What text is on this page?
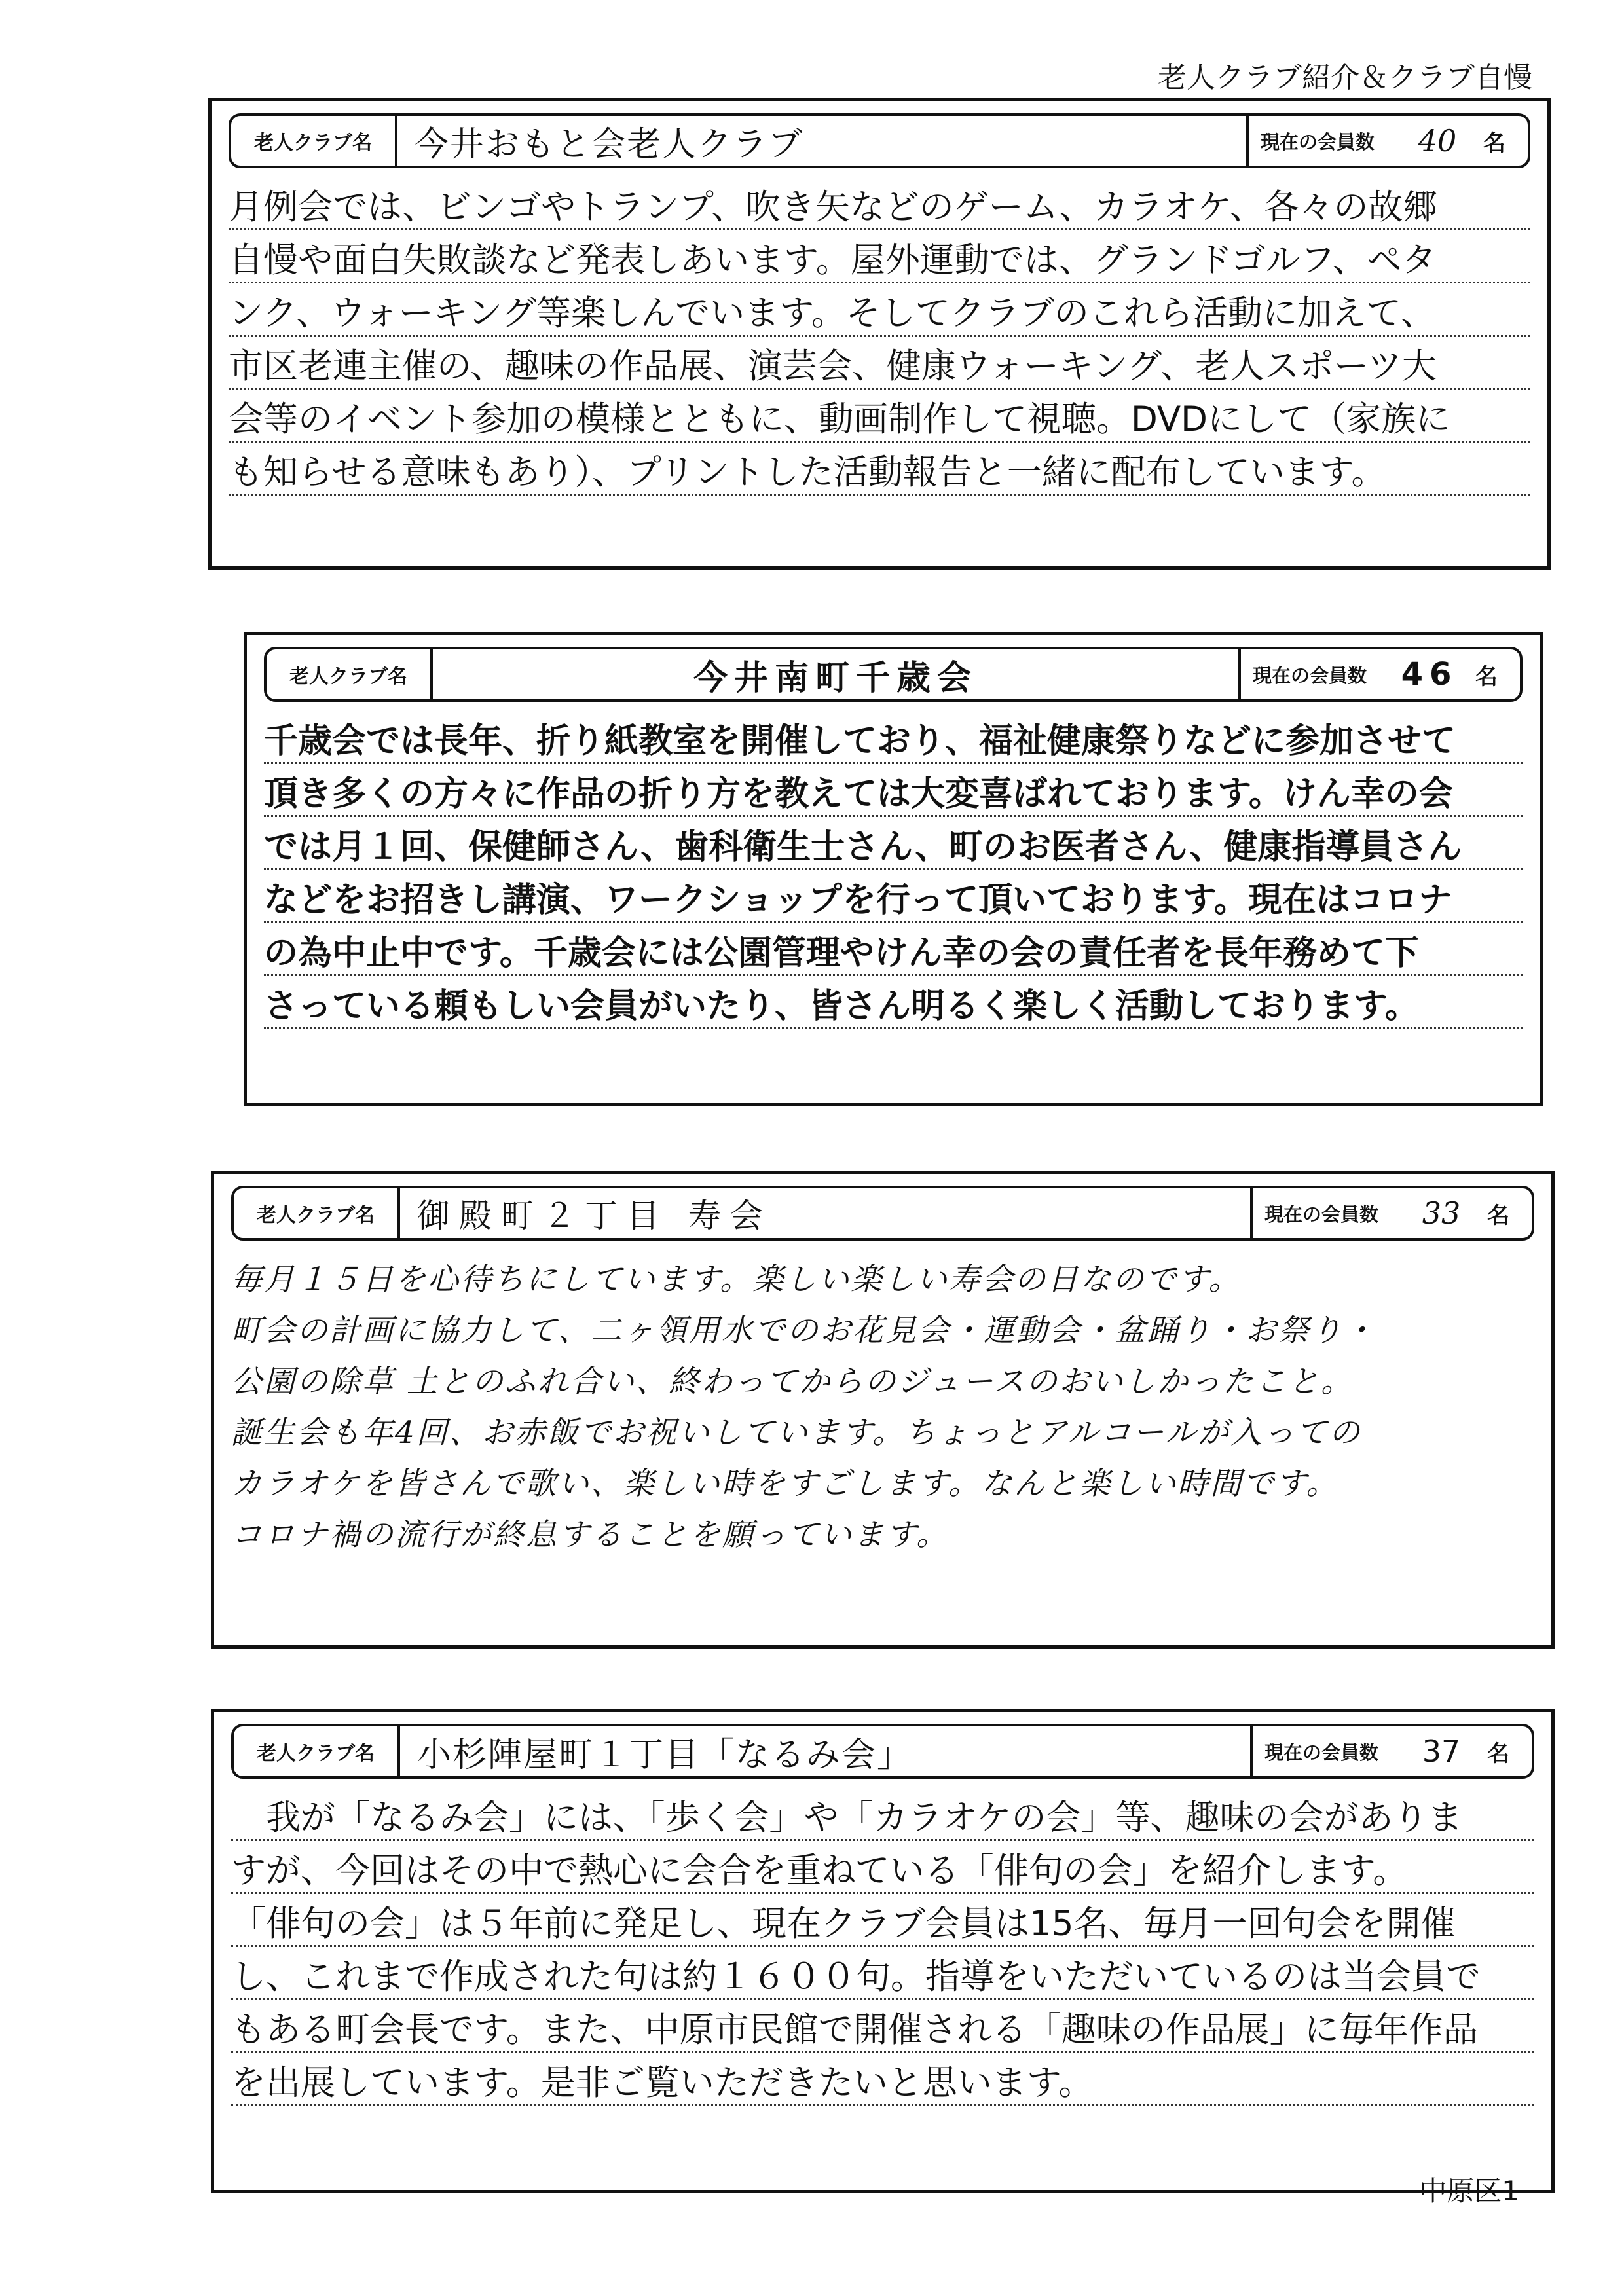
老人クラブ紹介＆クラブ自慢
老人クラブ名	今井おもと会老人クラブ	現在の会員数	40	名
月例会では、ビンゴやトランプ、吹き矢などのゲーム、カラオケ、各々の故郷
自慢や面白失敗談など発表しあいます。屋外運動では、グランドゴルフ、ペタ
ンク、ウォーキング等楽しんでいます。そしてクラブのこれら活動に加えて、
市区老連主催の、趣味の作品展、演芸会、健康ウォーキング、老人スポーツ大
会等のイベント参加の模様とともに、動画制作して視聴。DVDにして（家族に
も知らせる意味もあり）、プリントした活動報告と一緒に配布しています。
老人クラブ名	今井南町千歳会	現在の会員数	46 名
千歳会では長年、折り紙教室を開催しており、福祉健康祭りなどに参加させて
頂き多くの方々に作品の折り方を教えては大変喜ばれております。けん幸の会
では月１回、保健師さん、歯科衛生士さん、町のお医者さん、健康指導員さん
などをお招きし講演、ワークショップを行って頂いております。現在はコロナ
の為中止中です。千歳会には公園管理やけん幸の会の責任者を長年務めて下
さっている頼もしい会員がいたり、皆さん明るく楽しく活動しております。
老人クラブ名	御殿町２丁目 寿会	現在の会員数	33	名
毎月１５日を心待ちにしています。楽しい楽しい寿会の日なのです。
町会の計画に協力して、二ヶ領用水でのお花見会・運動会・盆踊り・お祭り・
公園の除草 土とのふれ合い、終わってからのジュースのおいしかったこと。
誕生会も年4回、お赤飯でお祝いしています。ちょっとアルコールが入っての
カラオケを皆さんで歌い、楽しい時をすごします。なんと楽しい時間です。
コロナ禍の流行が終息することを願っています。
老人クラブ名	小杉陣屋町１丁目「なるみ会」	現在の会員数	37	名
　我が「なるみ会」には、「歩く会」や「カラオケの会」等、趣味の会がありま
すが、今回はその中で熱心に会合を重ねている「俳句の会」を紹介します。
「俳句の会」は５年前に発足し、現在クラブ会員は15名、毎月一回句会を開催
し、これまで作成された句は約１６００句。指導をいただいているのは当会員で
もある町会長です。また、中原市民館で開催される「趣味の作品展」に毎年作品
を出展しています。是非ご覧いただきたいと思います。
中原区1
